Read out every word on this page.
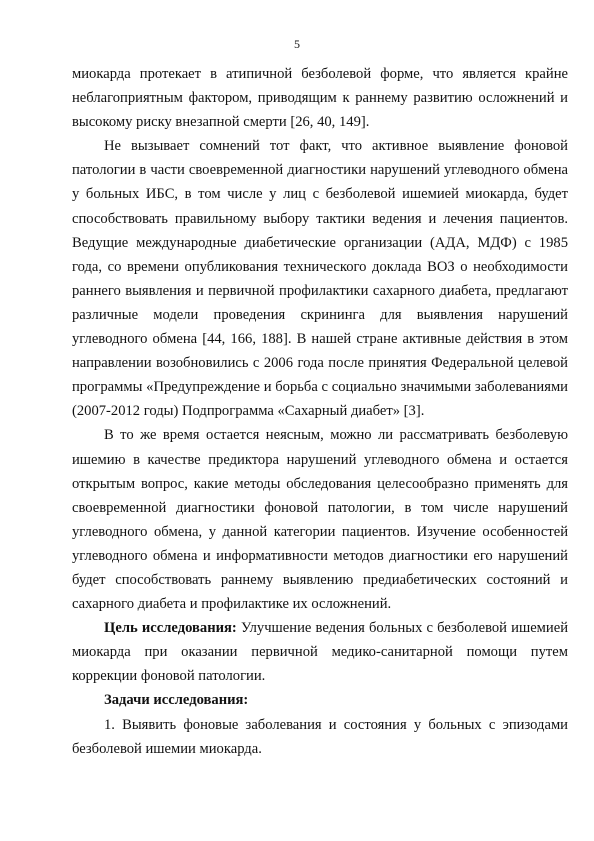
5

миокарда протекает в атипичной безболевой форме, что является крайне неблагоприятным фактором, приводящим к раннему развитию осложнений и высокому риску внезапной смерти [26, 40, 149].

Не вызывает сомнений тот факт, что активное выявление фоновой патологии в части своевременной диагностики нарушений углеводного обмена у больных ИБС, в том числе у лиц с безболевой ишемией миокарда, будет способствовать правильному выбору тактики ведения и лечения пациентов. Ведущие международные диабетические организации (АДА, МДФ) с 1985 года, со времени опубликования технического доклада ВОЗ о необходимости раннего выявления и первичной профилактики сахарного диабета, предлагают различные модели проведения скрининга для выявления нарушений углеводного обмена [44, 166, 188]. В нашей стране активные действия в этом направлении возобновились с 2006 года после принятия Федеральной целевой программы «Предупреждение и борьба с социально значимыми заболеваниями (2007-2012 годы) Подпрограмма «Сахарный диабет» [3].

В то же время остается неясным, можно ли рассматривать безболевую ишемию в качестве предиктора нарушений углеводного обмена и остается открытым вопрос, какие методы обследования целесообразно применять для своевременной диагностики фоновой патологии, в том числе нарушений углеводного обмена, у данной категории пациентов. Изучение особенностей углеводного обмена и информативности методов диагностики его нарушений будет способствовать раннему выявлению предиабетических состояний и сахарного диабета и профилактике их осложнений.

Цель исследования: Улучшение ведения больных с безболевой ишемией миокарда при оказании первичной медико-санитарной помощи путем коррекции фоновой патологии.

Задачи исследования:

1. Выявить фоновые заболевания и состояния у больных с эпизодами безболевой ишемии миокарда.
